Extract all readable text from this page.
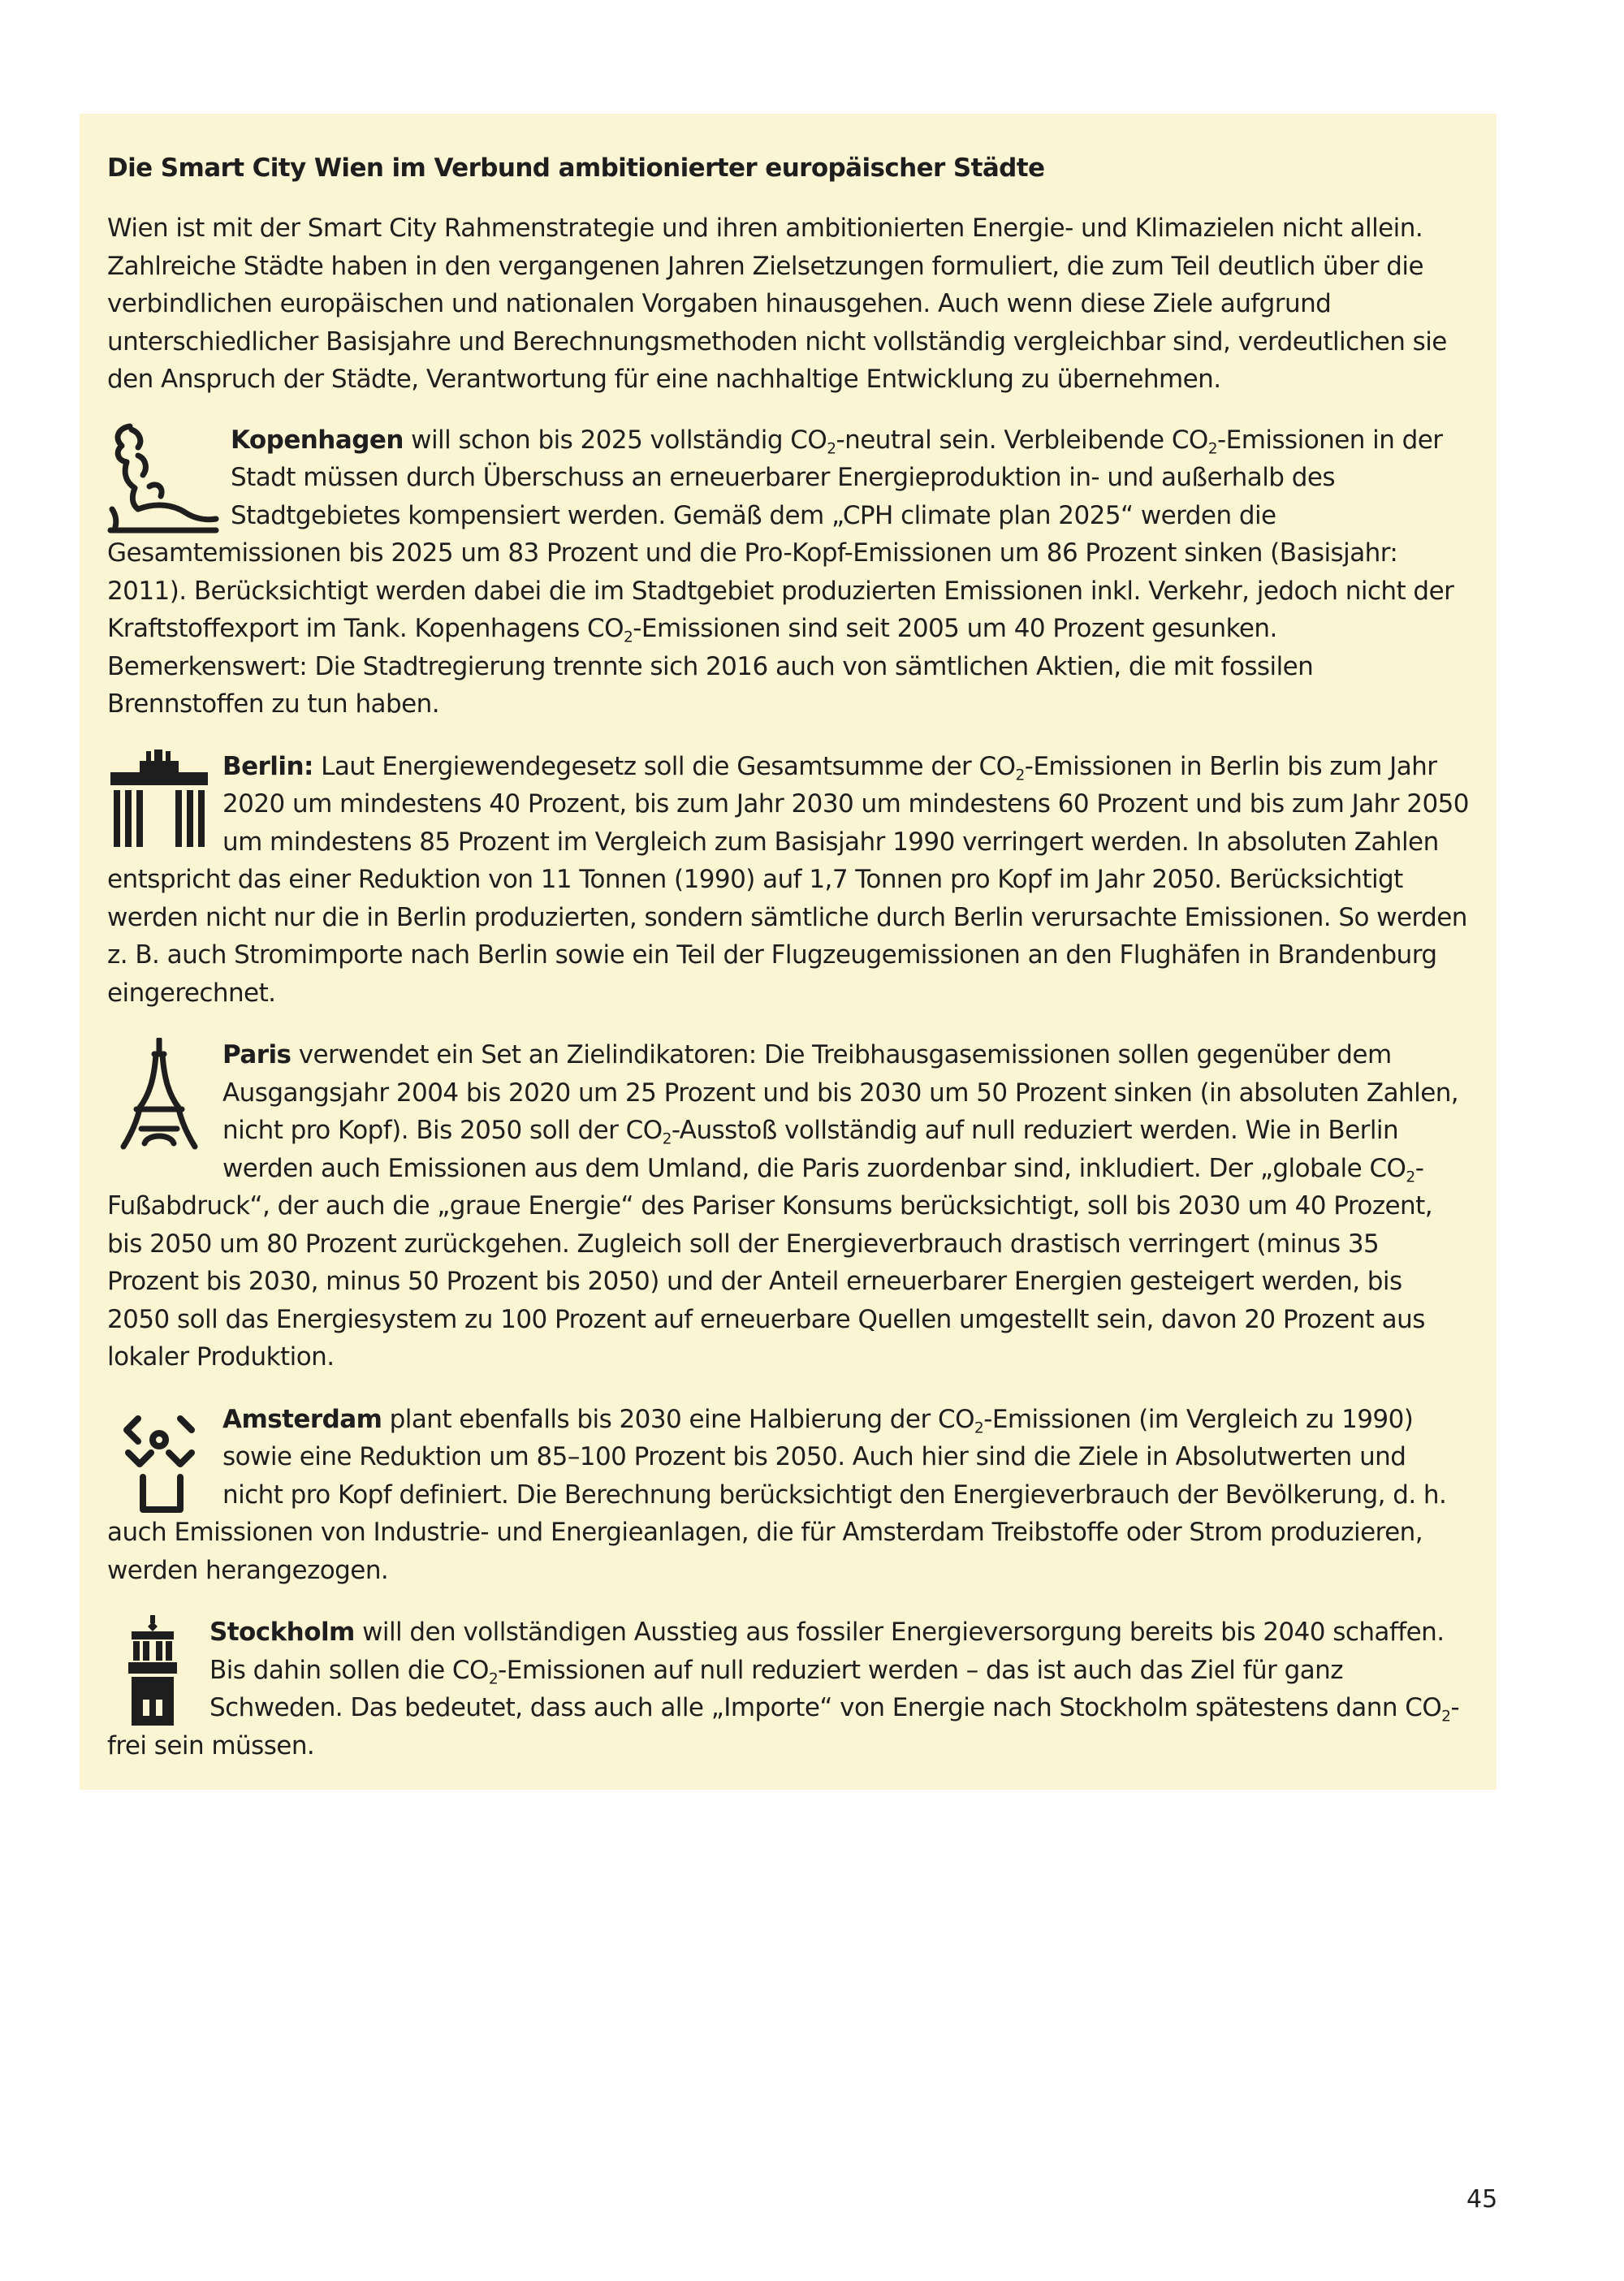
Die Smart City Wien im Verbund ambitionierter europäischer Städte

Wien ist mit der Smart City Rahmenstrategie und ihren ambitionierten Energie- und Klimazielen nicht allein. Zahlreiche Städte haben in den vergangenen Jahren Zielsetzungen formuliert, die zum Teil deutlich über die verbindlichen europäischen und nationalen Vorgaben hinausgehen. Auch wenn diese Ziele aufgrund unterschiedlicher Basisjahre und Berechnungsmethoden nicht vollständig vergleichbar sind, verdeutlichen sie den Anspruch der Städte, Verantwortung für eine nachhaltige Entwicklung zu übernehmen.

Kopenhagen will schon bis 2025 vollständig $CO_2$-neutral sein. Verbleibende $CO_2$-Emissionen in der Stadt müssen durch Überschuss an erneuerbarer Energieproduktion in- und außerhalb des Stadtgebietes kompensiert werden. Gemäß dem „CPH climate plan 2025“ werden die Gesamtemissionen bis 2025 um 83 Prozent und die Pro-Kopf-Emissionen um 86 Prozent sinken (Basisjahr: 2011). Berücksichtigt werden dabei die im Stadtgebiet produzierten Emissionen inkl. Verkehr, jedoch nicht der Kraftstoffexport im Tank. Kopenhagens $CO_2$-Emissionen sind seit 2005 um 40 Prozent gesunken. Bemerkenswert: Die Stadtregierung trennte sich 2016 auch von sämtlichen Aktien, die mit fossilen Brennstoffen zu tun haben.

Berlin: Laut Energiewendegesetz soll die Gesamtsumme der $CO_2$-Emissionen in Berlin bis zum Jahr 2020 um mindestens 40 Prozent, bis zum Jahr 2030 um mindestens 60 Prozent und bis zum Jahr 2050 um mindestens 85 Prozent im Vergleich zum Basisjahr 1990 verringert werden. In absoluten Zahlen entspricht das einer Reduktion von 11 Tonnen (1990) auf 1,7 Tonnen pro Kopf im Jahr 2050. Berücksichtigt werden nicht nur die in Berlin produzierten, sondern sämtliche durch Berlin verursachte Emissionen. So werden z. B. auch Stromimporte nach Berlin sowie ein Teil der Flugzeugemissionen an den Flughäfen in Brandenburg eingerechnet.

Paris verwendet ein Set an Zielindikatoren: Die Treibhausgasemissionen sollen gegenüber dem Ausgangsjahr 2004 bis 2020 um 25 Prozent und bis 2030 um 50 Prozent sinken (in absoluten Zahlen, nicht pro Kopf). Bis 2050 soll der $CO_2$-Ausstoß vollständig auf null reduziert werden. Wie in Berlin werden auch Emissionen aus dem Umland, die Paris zuordenbar sind, inkludiert. Der „globale $CO_2-Fußabdruck“$, der auch die „graue Energie“ des Pariser Konsums berücksichtigt, soll bis 2030 um 40 Prozent, bis 2050 um 80 Prozent zurückgehen. Zugleich soll der Energieverbrauch drastisch verringert (minus 35 Prozent bis 2030, minus 50 Prozent bis 2050) und der Anteil erneuerbarer Energien gesteigert werden, bis 2050 soll das Energiesystem zu 100 Prozent auf erneuerbare Quellen umgestellt sein, davon 20 Prozent aus lokaler Produktion.

Amsterdam plant ebenfalls bis 2030 eine Halbierung der $CO_2$-Emissionen (im Vergleich zu 1990) sowie eine Reduktion um 85–100 Prozent bis 2050. Auch hier sind die Ziele in Absolutwerten und nicht pro Kopf definiert. Die Berechnung berücksichtigt den Energieverbrauch der Bevölkerung, d. h. auch Emissionen von Industrie- und Energieanlagen, die für Amsterdam Treibstoffe oder Strom produzieren, werden herangezogen.

Stockholm will den vollständigen Ausstieg aus fossiler Energieversorgung bereits bis 2040 schaffen. Bis dahin sollen die $CO_2$-Emissionen auf null reduziert werden – das ist auch das Ziel für ganz Schweden. Das bedeutet, dass auch alle „Importe“ von Energie nach Stockholm spätestens dann $CO_2$-frei sein müssen.

45
